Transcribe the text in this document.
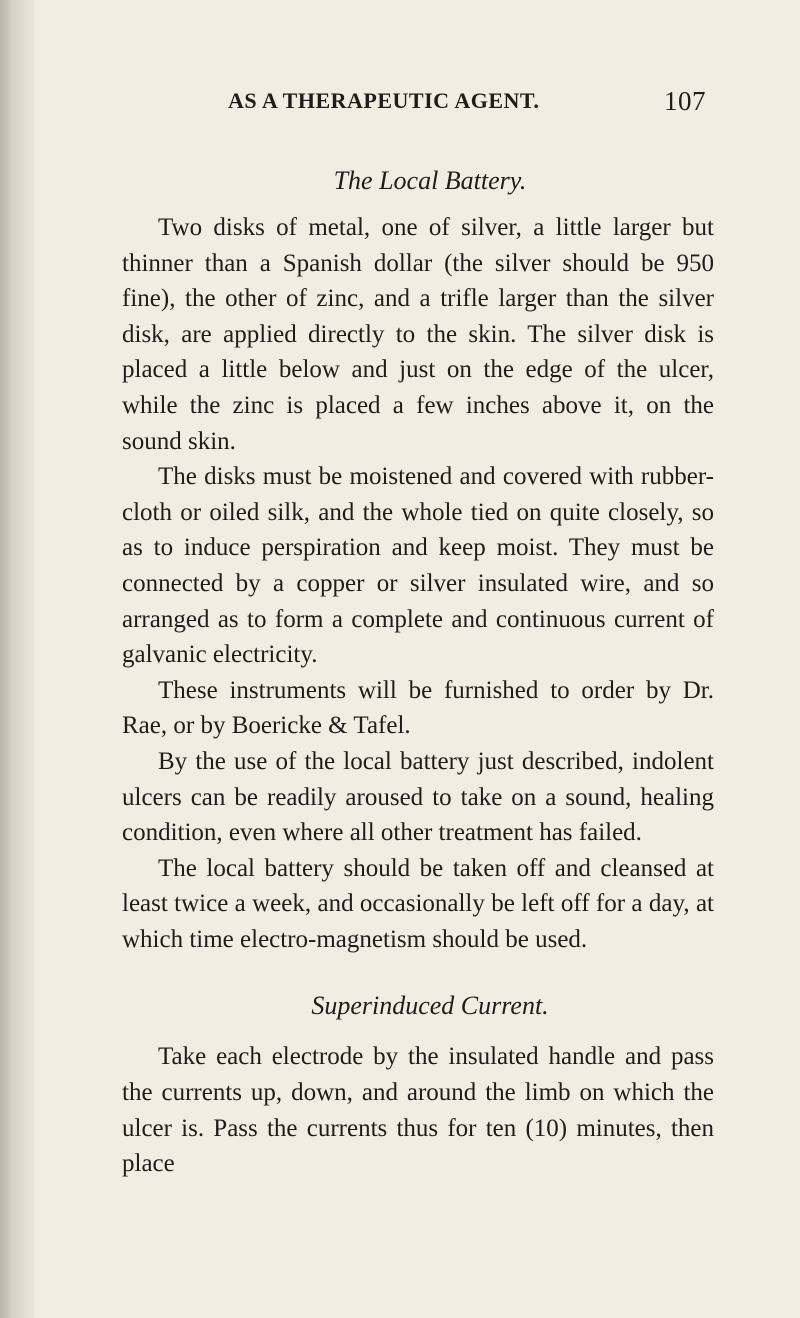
AS A THERAPEUTIC AGENT.	107
The Local Battery.

Two disks of metal, one of silver, a little larger but thinner than a Spanish dollar (the silver should be 950 fine), the other of zinc, and a trifle larger than the silver disk, are applied directly to the skin. The silver disk is placed a little below and just on the edge of the ulcer, while the zinc is placed a few inches above it, on the sound skin.

The disks must be moistened and covered with rubber-cloth or oiled silk, and the whole tied on quite closely, so as to induce perspiration and keep moist. They must be connected by a copper or silver insulated wire, and so arranged as to form a complete and continuous current of galvanic electricity.

These instruments will be furnished to order by Dr. Rae, or by Boericke & Tafel.

By the use of the local battery just described, indolent ulcers can be readily aroused to take on a sound, healing condition, even where all other treatment has failed.

The local battery should be taken off and cleansed at least twice a week, and occasionally be left off for a day, at which time electro-magnetism should be used.

Superinduced Current.

Take each electrode by the insulated handle and pass the currents up, down, and around the limb on which the ulcer is. Pass the currents thus for ten (10) minutes, then place
